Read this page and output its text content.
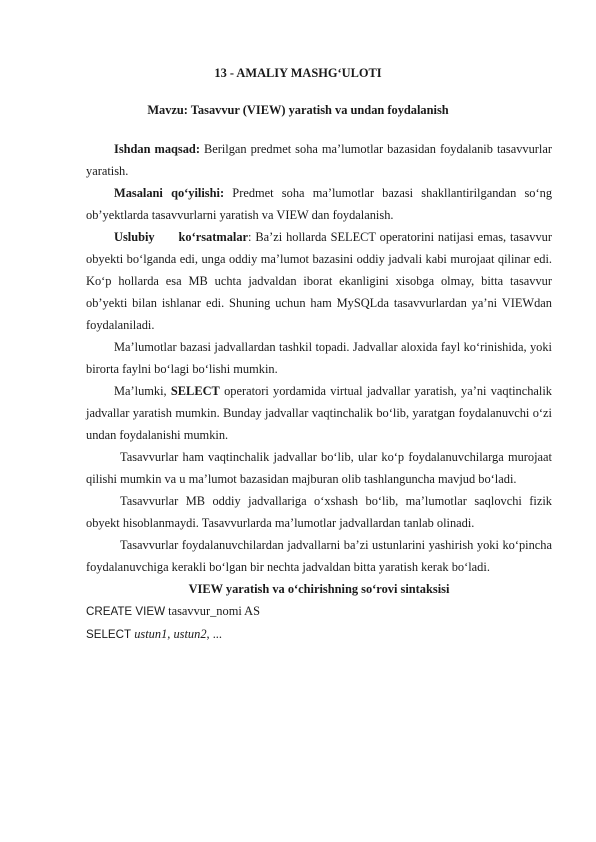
13 - AMALIY MASHG‘ULOTI
Mavzu: Tasavvur (VIEW) yaratish va undan foydalanish

Ishdan maqsad: Berilgan predmet soha ma’lumotlar bazasidan foydalanib tasavvurlar yaratish.

Masalani qo‘yilishi: Predmet soha ma’lumotlar bazasi shakllantirilgandan so‘ng ob’yektlarda tasavvurlarni yaratish va VIEW dan foydalanish.

Uslubiy ko‘rsatmalar: Ba’zi hollarda SELECT operatorini natijasi emas, tasavvur obyekti bo‘lganda edi, unga oddiy ma’lumot bazasini oddiy jadvali kabi murojaat qilinar edi. Ko‘p hollarda esa MB uchta jadvaldan iborat ekanligini xisobga olmay, bitta tasavvur ob’yekti bilan ishlanar edi. Shuning uchun ham MySQLda tasavvurlardan ya’ni VIEWdan foydalaniladi.

Ma’lumotlar bazasi jadvallardan tashkil topadi. Jadvallar aloxida fayl ko‘rinishida, yoki birorta faylni bo‘lagi bo‘lishi mumkin.

Ma’lumki, SELECT operatori yordamida virtual jadvallar yaratish, ya’ni vaqtinchalik jadvallar yaratish mumkin. Bunday jadvallar vaqtinchalik bo‘lib, yaratgan foydalanuvchi o‘zi undan foydalanishi mumkin.

Tasavvurlar ham vaqtinchalik jadvallar bo‘lib, ular ko‘p foydalanuvchilarga murojaat qilishi mumkin va u ma’lumot bazasidan majburan olib tashlanguncha mavjud bo‘ladi.

Tasavvurlar MB oddiy jadvallariga o‘xshash bo‘lib, ma’lumotlar saqlovchi fizik obyekt hisoblanmaydi. Tasavvurlarda ma’lumotlar jadvallardan tanlab olinadi.

Tasavvurlar foydalanuvchilardan jadvallarni ba’zi ustunlarini yashirish yoki ko‘pincha foydalanuvchiga kerakli bo‘lgan bir nechta jadvaldan bitta yaratish kerak bo‘ladi.

VIEW yaratish va o‘chirishning so‘rovi sintaksisi

CREATE VIEW tasavvur_nomi AS

SELECT ustun1, ustun2, ...
